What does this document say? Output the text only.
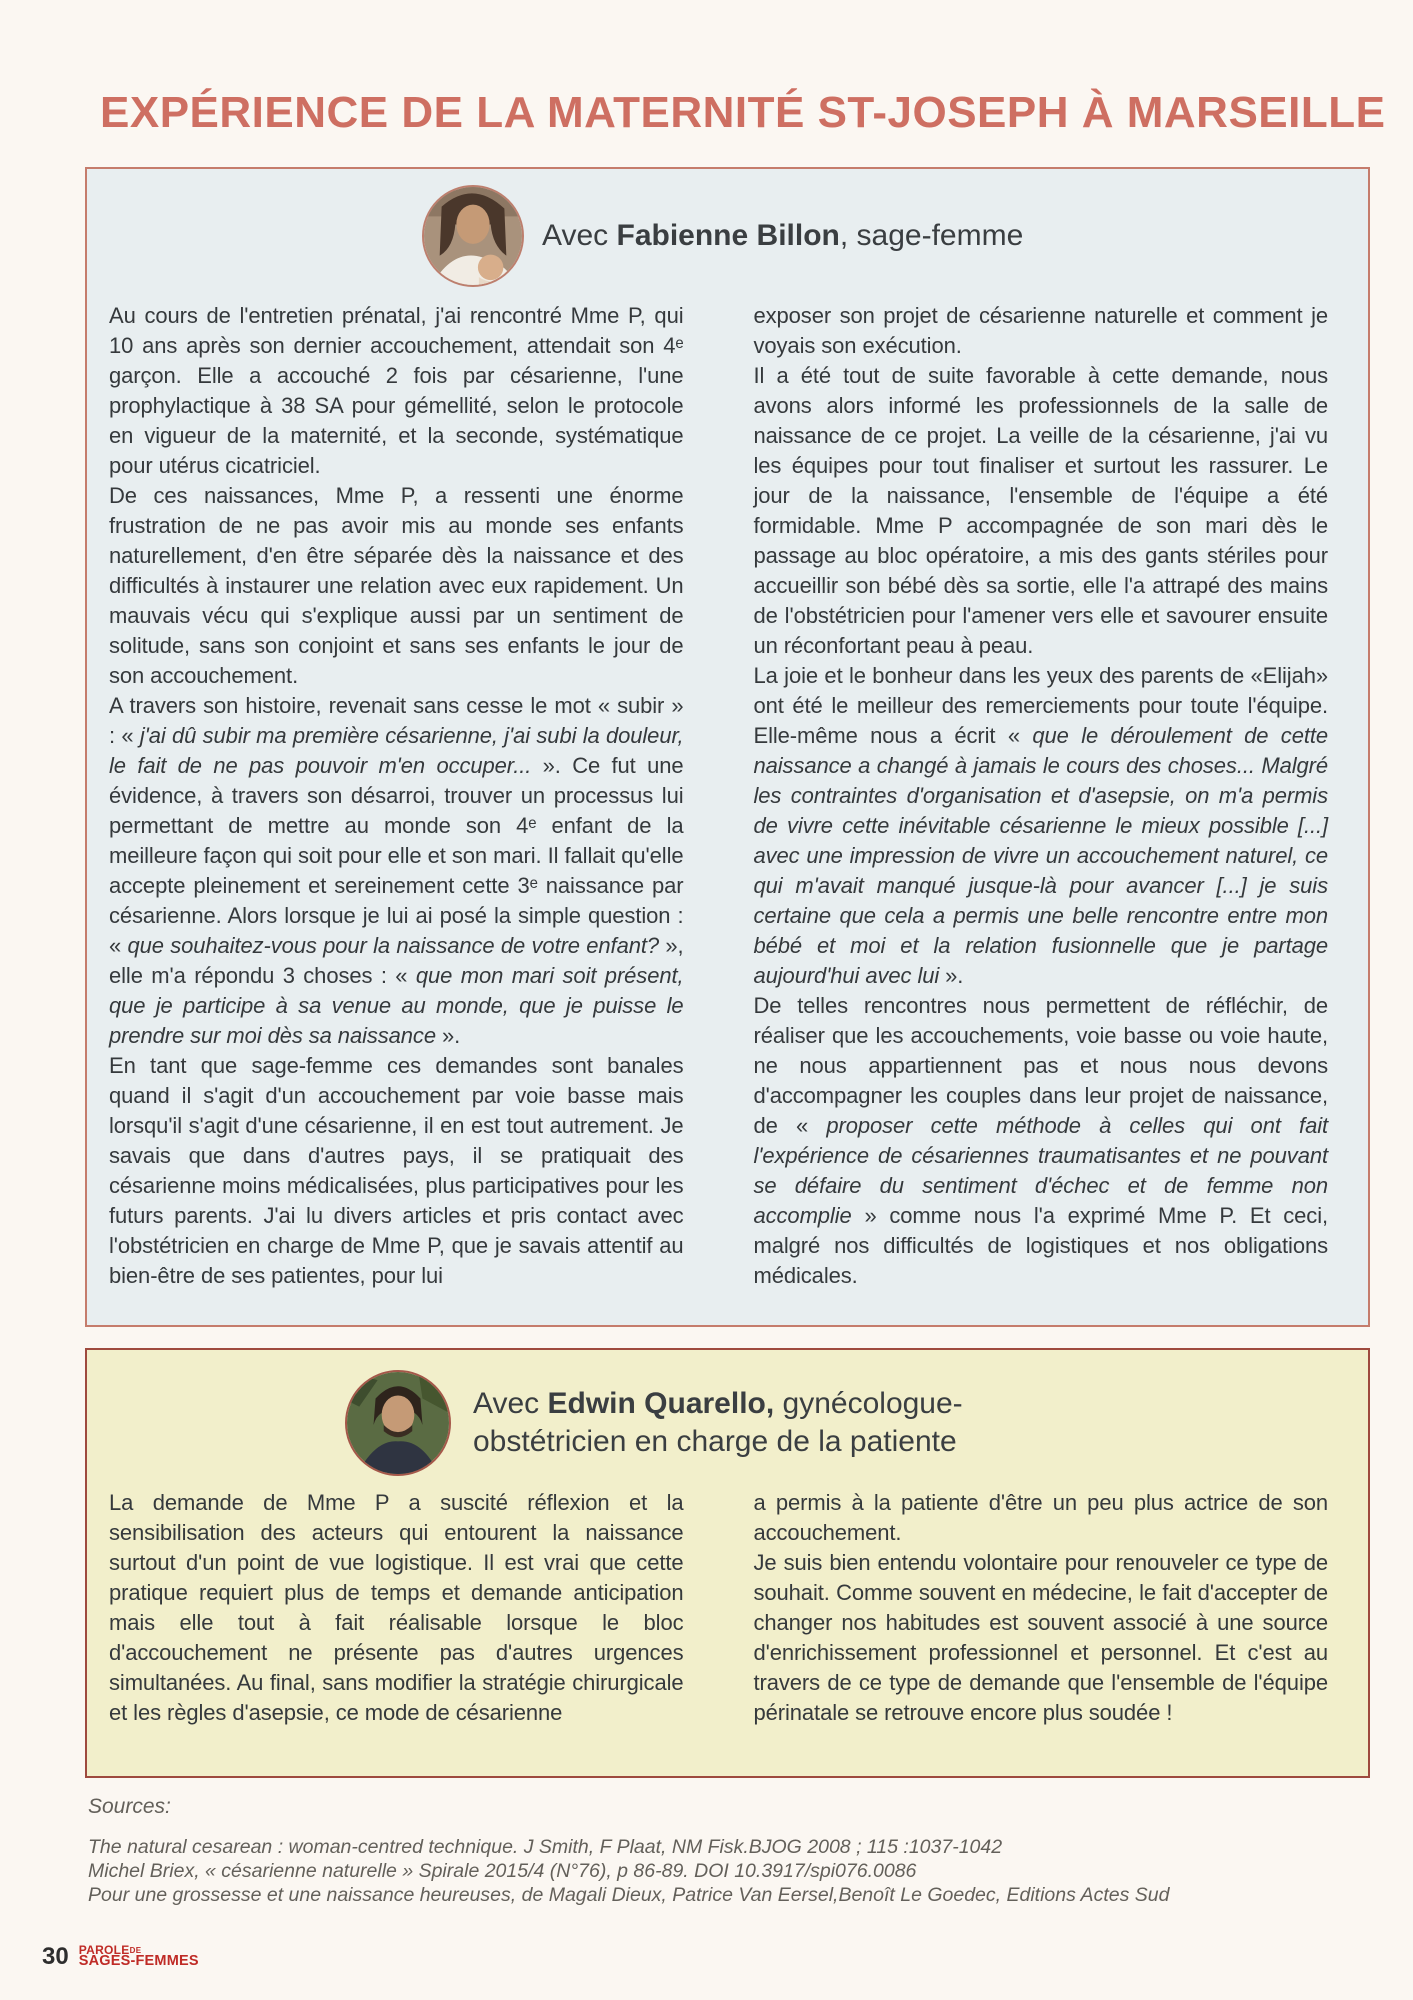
EXPÉRIENCE DE LA MATERNITÉ ST-JOSEPH À MARSEILLE
Avec Fabienne Billon, sage-femme

Au cours de l'entretien prénatal, j'ai rencontré Mme P, qui 10 ans après son dernier accouchement, attendait son 4ᵉ garçon. Elle a accouché 2 fois par césarienne, l'une prophylactique à 38 SA pour gémellité, selon le protocole en vigueur de la maternité, et la seconde, systématique pour utérus cicatriciel.

De ces naissances, Mme P, a ressenti une énorme frustration de ne pas avoir mis au monde ses enfants naturellement, d'en être séparée dès la naissance et des difficultés à instaurer une relation avec eux rapidement. Un mauvais vécu qui s'explique aussi par un sentiment de solitude, sans son conjoint et sans ses enfants le jour de son accouchement.

A travers son histoire, revenait sans cesse le mot « subir » : « j'ai dû subir ma première césarienne, j'ai subi la douleur, le fait de ne pas pouvoir m'en occuper... ». Ce fut une évidence, à travers son désarroi, trouver un processus lui permettant de mettre au monde son 4ᵉ enfant de la meilleure façon qui soit pour elle et son mari. Il fallait qu'elle accepte pleinement et sereinement cette 3ᵉ naissance par césarienne. Alors lorsque je lui ai posé la simple question : « que souhaitez-vous pour la naissance de votre enfant? », elle m'a répondu 3 choses : « que mon mari soit présent, que je participe à sa venue au monde, que je puisse le prendre sur moi dès sa naissance ».

En tant que sage-femme ces demandes sont banales quand il s'agit d'un accouchement par voie basse mais lorsqu'il s'agit d'une césarienne, il en est tout autrement. Je savais que dans d'autres pays, il se pratiquait des césarienne moins médicalisées, plus participatives pour les futurs parents. J'ai lu divers articles et pris contact avec l'obstétricien en charge de Mme P, que je savais attentif au bien-être de ses patientes, pour lui

exposer son projet de césarienne naturelle et comment je voyais son exécution.

Il a été tout de suite favorable à cette demande, nous avons alors informé les professionnels de la salle de naissance de ce projet. La veille de la césarienne, j'ai vu les équipes pour tout finaliser et surtout les rassurer. Le jour de la naissance, l'ensemble de l'équipe a été formidable. Mme P accompagnée de son mari dès le passage au bloc opératoire, a mis des gants stériles pour accueillir son bébé dès sa sortie, elle l'a attrapé des mains de l'obstétricien pour l'amener vers elle et savourer ensuite un réconfortant peau à peau.

La joie et le bonheur dans les yeux des parents de «Elijah» ont été le meilleur des remerciements pour toute l'équipe. Elle-même nous a écrit « que le déroulement de cette naissance a changé à jamais le cours des choses... Malgré les contraintes d'organisation et d'asepsie, on m'a permis de vivre cette inévitable césarienne le mieux possible [...] avec une impression de vivre un accouchement naturel, ce qui m'avait manqué jusque-là pour avancer [...] je suis certaine que cela a permis une belle rencontre entre mon bébé et moi et la relation fusionnelle que je partage aujourd'hui avec lui ».

De telles rencontres nous permettent de réfléchir, de réaliser que les accouchements, voie basse ou voie haute, ne nous appartiennent pas et nous nous devons d'accompagner les couples dans leur projet de naissance, de « proposer cette méthode à celles qui ont fait l'expérience de césariennes traumatisantes et ne pouvant se défaire du sentiment d'échec et de femme non accomplie » comme nous l'a exprimé Mme P. Et ceci, malgré nos difficultés de logistiques et nos obligations médicales.

Avec Edwin Quarello, gynécologue-
obstétricien en charge de la patiente

La demande de Mme P a suscité réflexion et la sensibilisation des acteurs qui entourent la naissance surtout d'un point de vue logistique. Il est vrai que cette pratique requiert plus de temps et demande anticipation mais elle tout à fait réalisable lorsque le bloc d'accouchement ne présente pas d'autres urgences simultanées. Au final, sans modifier la stratégie chirurgicale et les règles d'asepsie, ce mode de césarienne

a permis à la patiente d'être un peu plus actrice de son accouchement.

Je suis bien entendu volontaire pour renouveler ce type de souhait. Comme souvent en médecine, le fait d'accepter de changer nos habitudes est souvent associé à une source d'enrichissement professionnel et personnel. Et c'est au travers de ce type de demande que l'ensemble de l'équipe périnatale se retrouve encore plus soudée !

Sources:
The natural cesarean : woman-centred technique. J Smith, F Plaat, NM Fisk.BJOG 2008 ; 115 :1037-1042
Michel Briex, « césarienne naturelle » Spirale 2015/4 (N°76), p 86-89. DOI 10.3917/spi076.0086
Pour une grossesse et une naissance heureuses, de Magali Dieux, Patrice Van Eersel,Benoît Le Goedec, Editions Actes Sud
30 $PAROLE^{DE}$
SAGES-FEMMES
